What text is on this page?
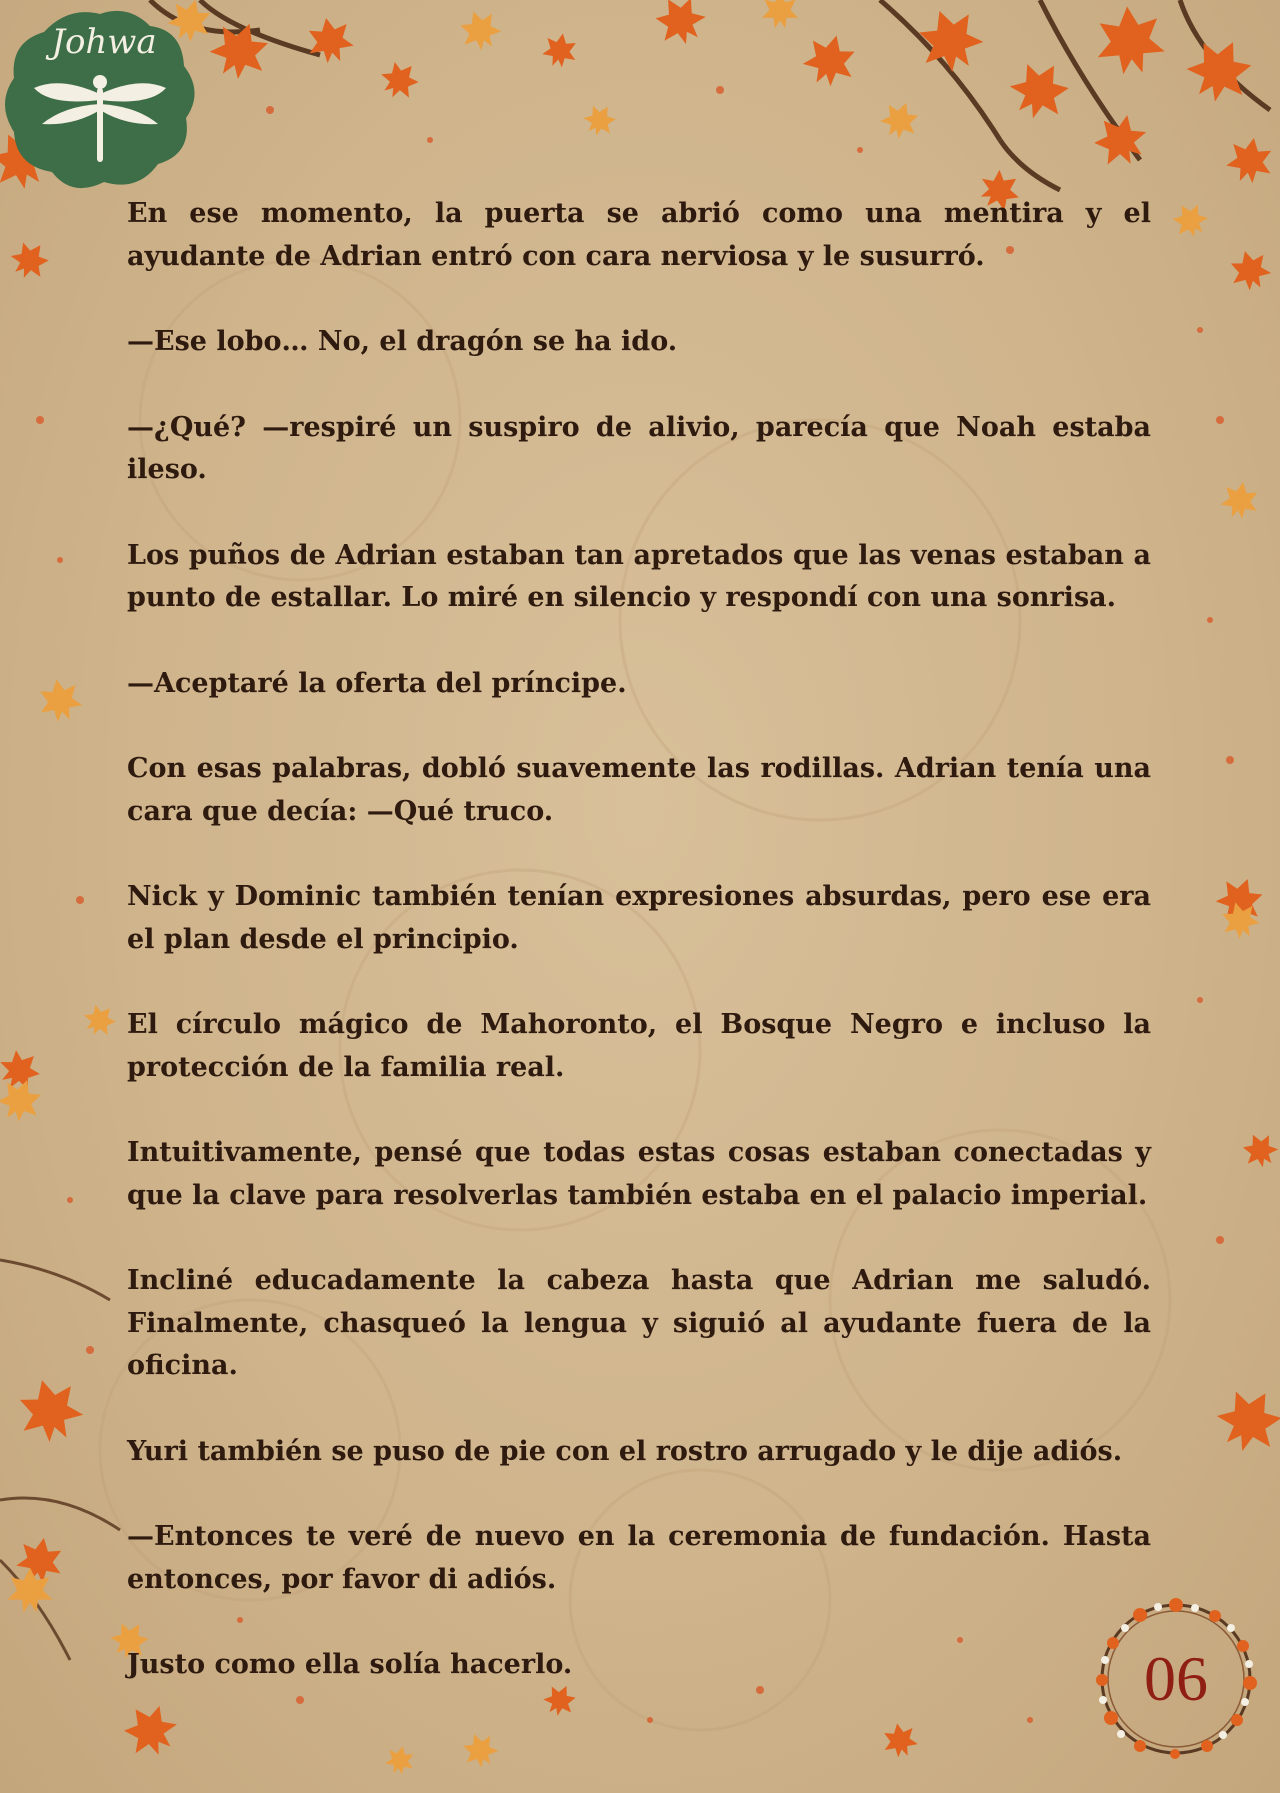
Johwa

En ese momento, la puerta se abrió como una mentira y el ayudante de Adrian entró con cara nerviosa y le susurró.

—Ese lobo… No, el dragón se ha ido.

—¿Qué? —respiré un suspiro de alivio, parecía que Noah estaba ileso.

Los puños de Adrian estaban tan apretados que las venas estaban a punto de estallar. Lo miré en silencio y respondí con una sonrisa.

—Aceptaré la oferta del príncipe.

Con esas palabras, dobló suavemente las rodillas. Adrian tenía una cara que decía: —Qué truco.

Nick y Dominic también tenían expresiones absurdas, pero ese era el plan desde el principio.

El círculo mágico de Mahoronto, el Bosque Negro e incluso la protección de la familia real.

Intuitivamente, pensé que todas estas cosas estaban conectadas y que la clave para resolverlas también estaba en el palacio imperial.

Incliné educadamente la cabeza hasta que Adrian me saludó. Finalmente, chasqueó la lengua y siguió al ayudante fuera de la oficina.

Yuri también se puso de pie con el rostro arrugado y le dije adiós.

—Entonces te veré de nuevo en la ceremonia de fundación. Hasta entonces, por favor di adiós.

Justo como ella solía hacerlo.	06
